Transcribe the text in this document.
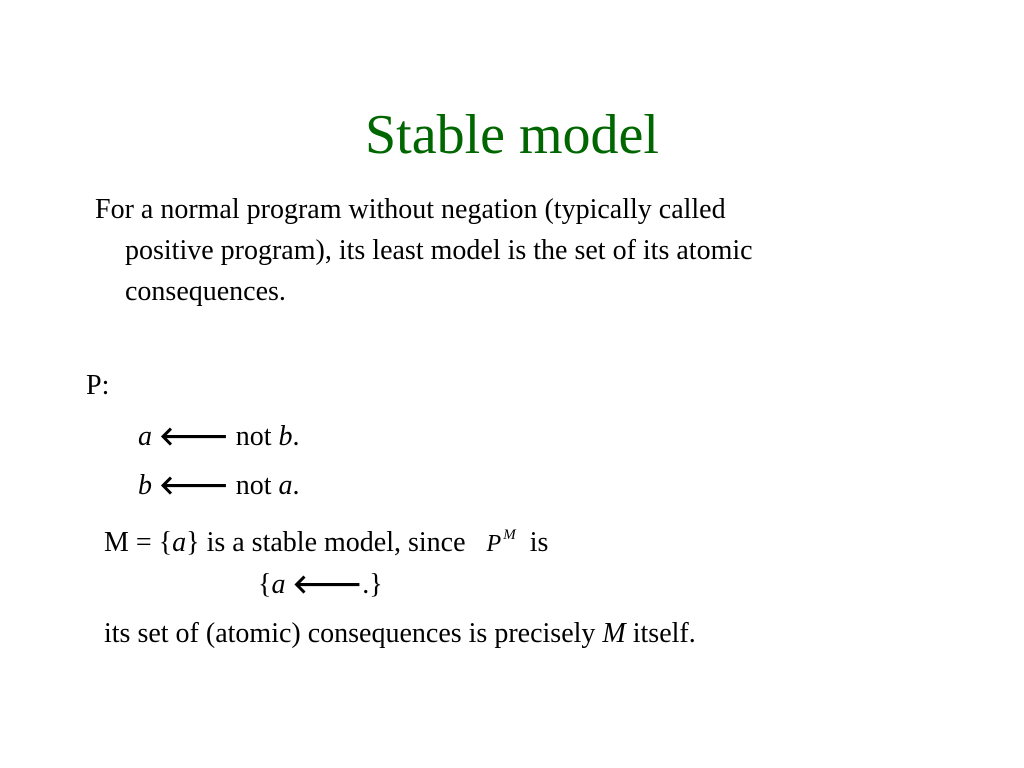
Stable model
For a normal program without negation (typically called
positive program), its least model is the set of its atomic
consequences.
P:
a 🡐 not b.
b 🡐 not a.
M = {a} is a stable model, since P $^M$ is
{a 🡐.}
its set of (atomic) consequences is precisely M itself.
